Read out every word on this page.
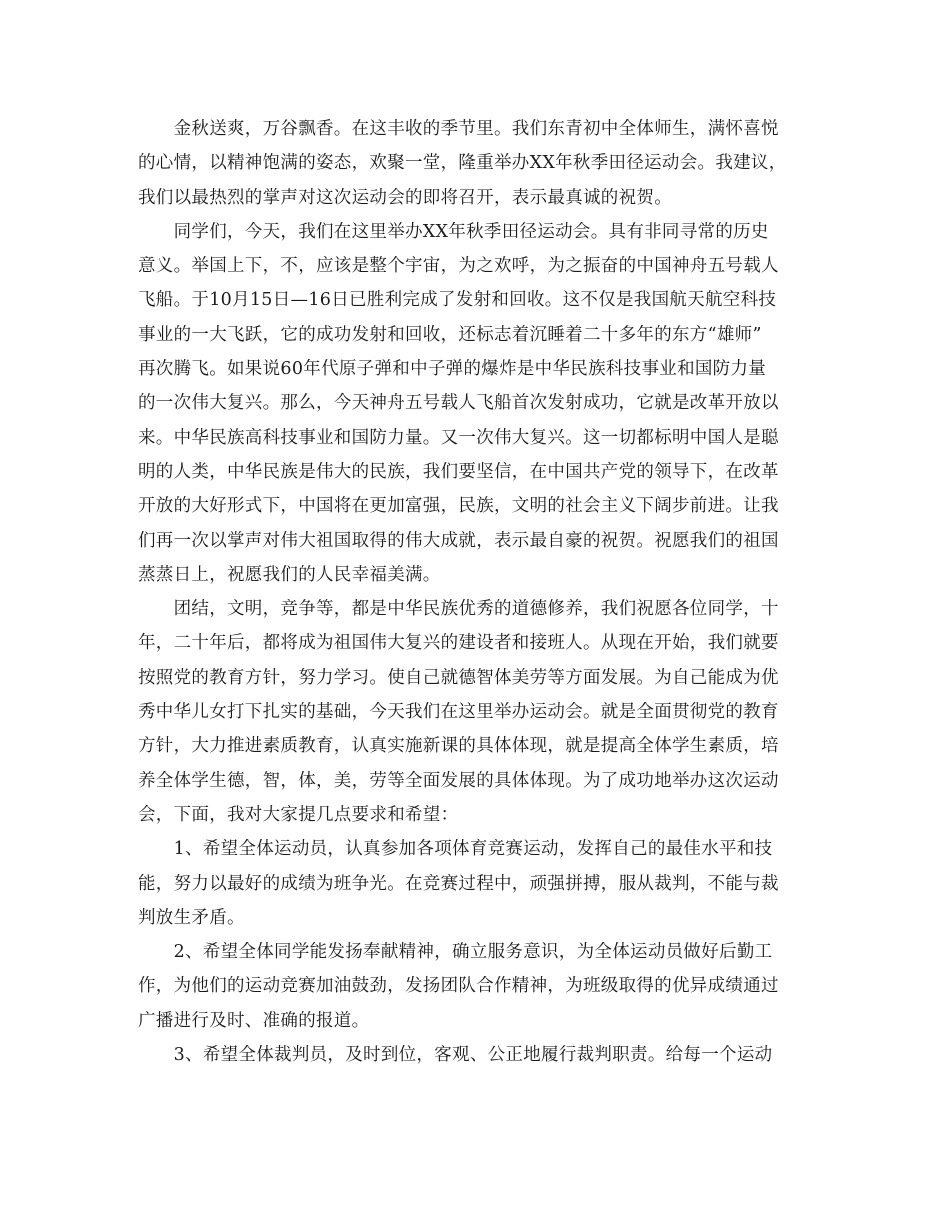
　　金秋送爽，万谷飘香。在这丰收的季节里。我们东青初中全体师生，满怀喜悦
的心情，以精神饱满的姿态，欢聚一堂，隆重举办XX年秋季田径运动会。我建议，
我们以最热烈的掌声对这次运动会的即将召开，表示最真诚的祝贺。
　　同学们，今天，我们在这里举办XX年秋季田径运动会。具有非同寻常的历史
意义。举国上下，不，应该是整个宇宙，为之欢呼，为之振奋的中国神舟五号载人
飞船。于10月15日—16日已胜利完成了发射和回收。这不仅是我国航天航空科技
事业的一大飞跃，它的成功发射和回收，还标志着沉睡着二十多年的东方“雄师”
再次腾飞。如果说60年代原子弹和中子弹的爆炸是中华民族科技事业和国防力量
的一次伟大复兴。那么，今天神舟五号载人飞船首次发射成功，它就是改革开放以
来。中华民族高科技事业和国防力量。又一次伟大复兴。这一切都标明中国人是聪
明的人类，中华民族是伟大的民族，我们要坚信，在中国共产党的领导下，在改革
开放的大好形式下，中国将在更加富强，民族，文明的社会主义下阔步前进。让我
们再一次以掌声对伟大祖国取得的伟大成就，表示最自豪的祝贺。祝愿我们的祖国
蒸蒸日上，祝愿我们的人民幸福美满。
　　团结，文明，竞争等，都是中华民族优秀的道德修养，我们祝愿各位同学，十
年，二十年后，都将成为祖国伟大复兴的建设者和接班人。从现在开始，我们就要
按照党的教育方针，努力学习。使自己就德智体美劳等方面发展。为自己能成为优
秀中华儿女打下扎实的基础，今天我们在这里举办运动会。就是全面贯彻党的教育
方针，大力推进素质教育，认真实施新课的具体体现，就是提高全体学生素质，培
养全体学生德，智，体，美，劳等全面发展的具体体现。为了成功地举办这次运动
会，下面，我对大家提几点要求和希望：
　　1、希望全体运动员，认真参加各项体育竞赛运动，发挥自己的最佳水平和技
能，努力以最好的成绩为班争光。在竞赛过程中，顽强拼搏，服从裁判，不能与裁
判放生矛盾。
　　2、希望全体同学能发扬奉献精神，确立服务意识，为全体运动员做好后勤工
作，为他们的运动竞赛加油鼓劲，发扬团队合作精神，为班级取得的优异成绩通过
广播进行及时、准确的报道。
　　3、希望全体裁判员，及时到位，客观、公正地履行裁判职责。给每一个运动
